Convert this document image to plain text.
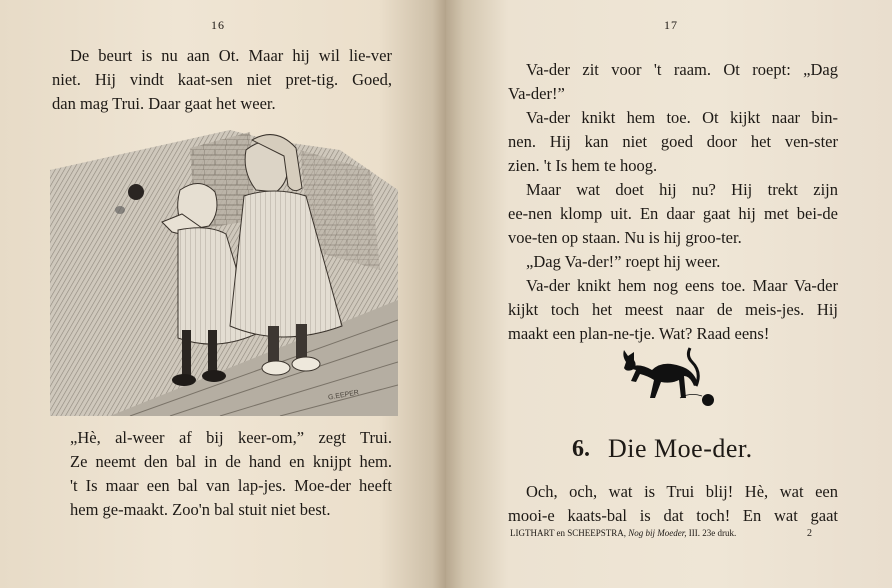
16

De beurt is nu aan Ot. Maar hij wil lie-ver

niet. Hij vindt kaat-sen niet pret-tig. Goed,

dan mag Trui. Daar gaat het weer.

G.EEPER

„Hè, al-weer af bij keer-om,” zegt Trui.

Ze neemt den bal in de hand en knijpt hem.

't Is maar een bal van lap-jes. Moe-der heeft

hem ge-maakt. Zoo'n bal stuit niet best.

17

Va-der zit voor 't raam. Ot roept: „Dag

Va-der!”

Va-der knikt hem toe. Ot kijkt naar bin-

nen. Hij kan niet goed door het ven-ster

zien. 't Is hem te hoog.

Maar wat doet hij nu? Hij trekt zijn

ee-nen klomp uit. En daar gaat hij met bei-de

voe-ten op staan. Nu is hij groo-ter.

„Dag Va-der!” roept hij weer.

Va-der knikt hem nog eens toe. Maar Va-der

kijkt toch het meest naar de meis-jes. Hij

maakt een plan-ne-tje. Wat? Raad eens!

6. Die Moe-der.

Och, och, wat is Trui blij! Hè, wat een

mooi-e kaats-bal is dat toch! En wat gaat

LIGTHART en SCHEEPSTRA, Nog bij Moeder, III. 23e druk.	2
